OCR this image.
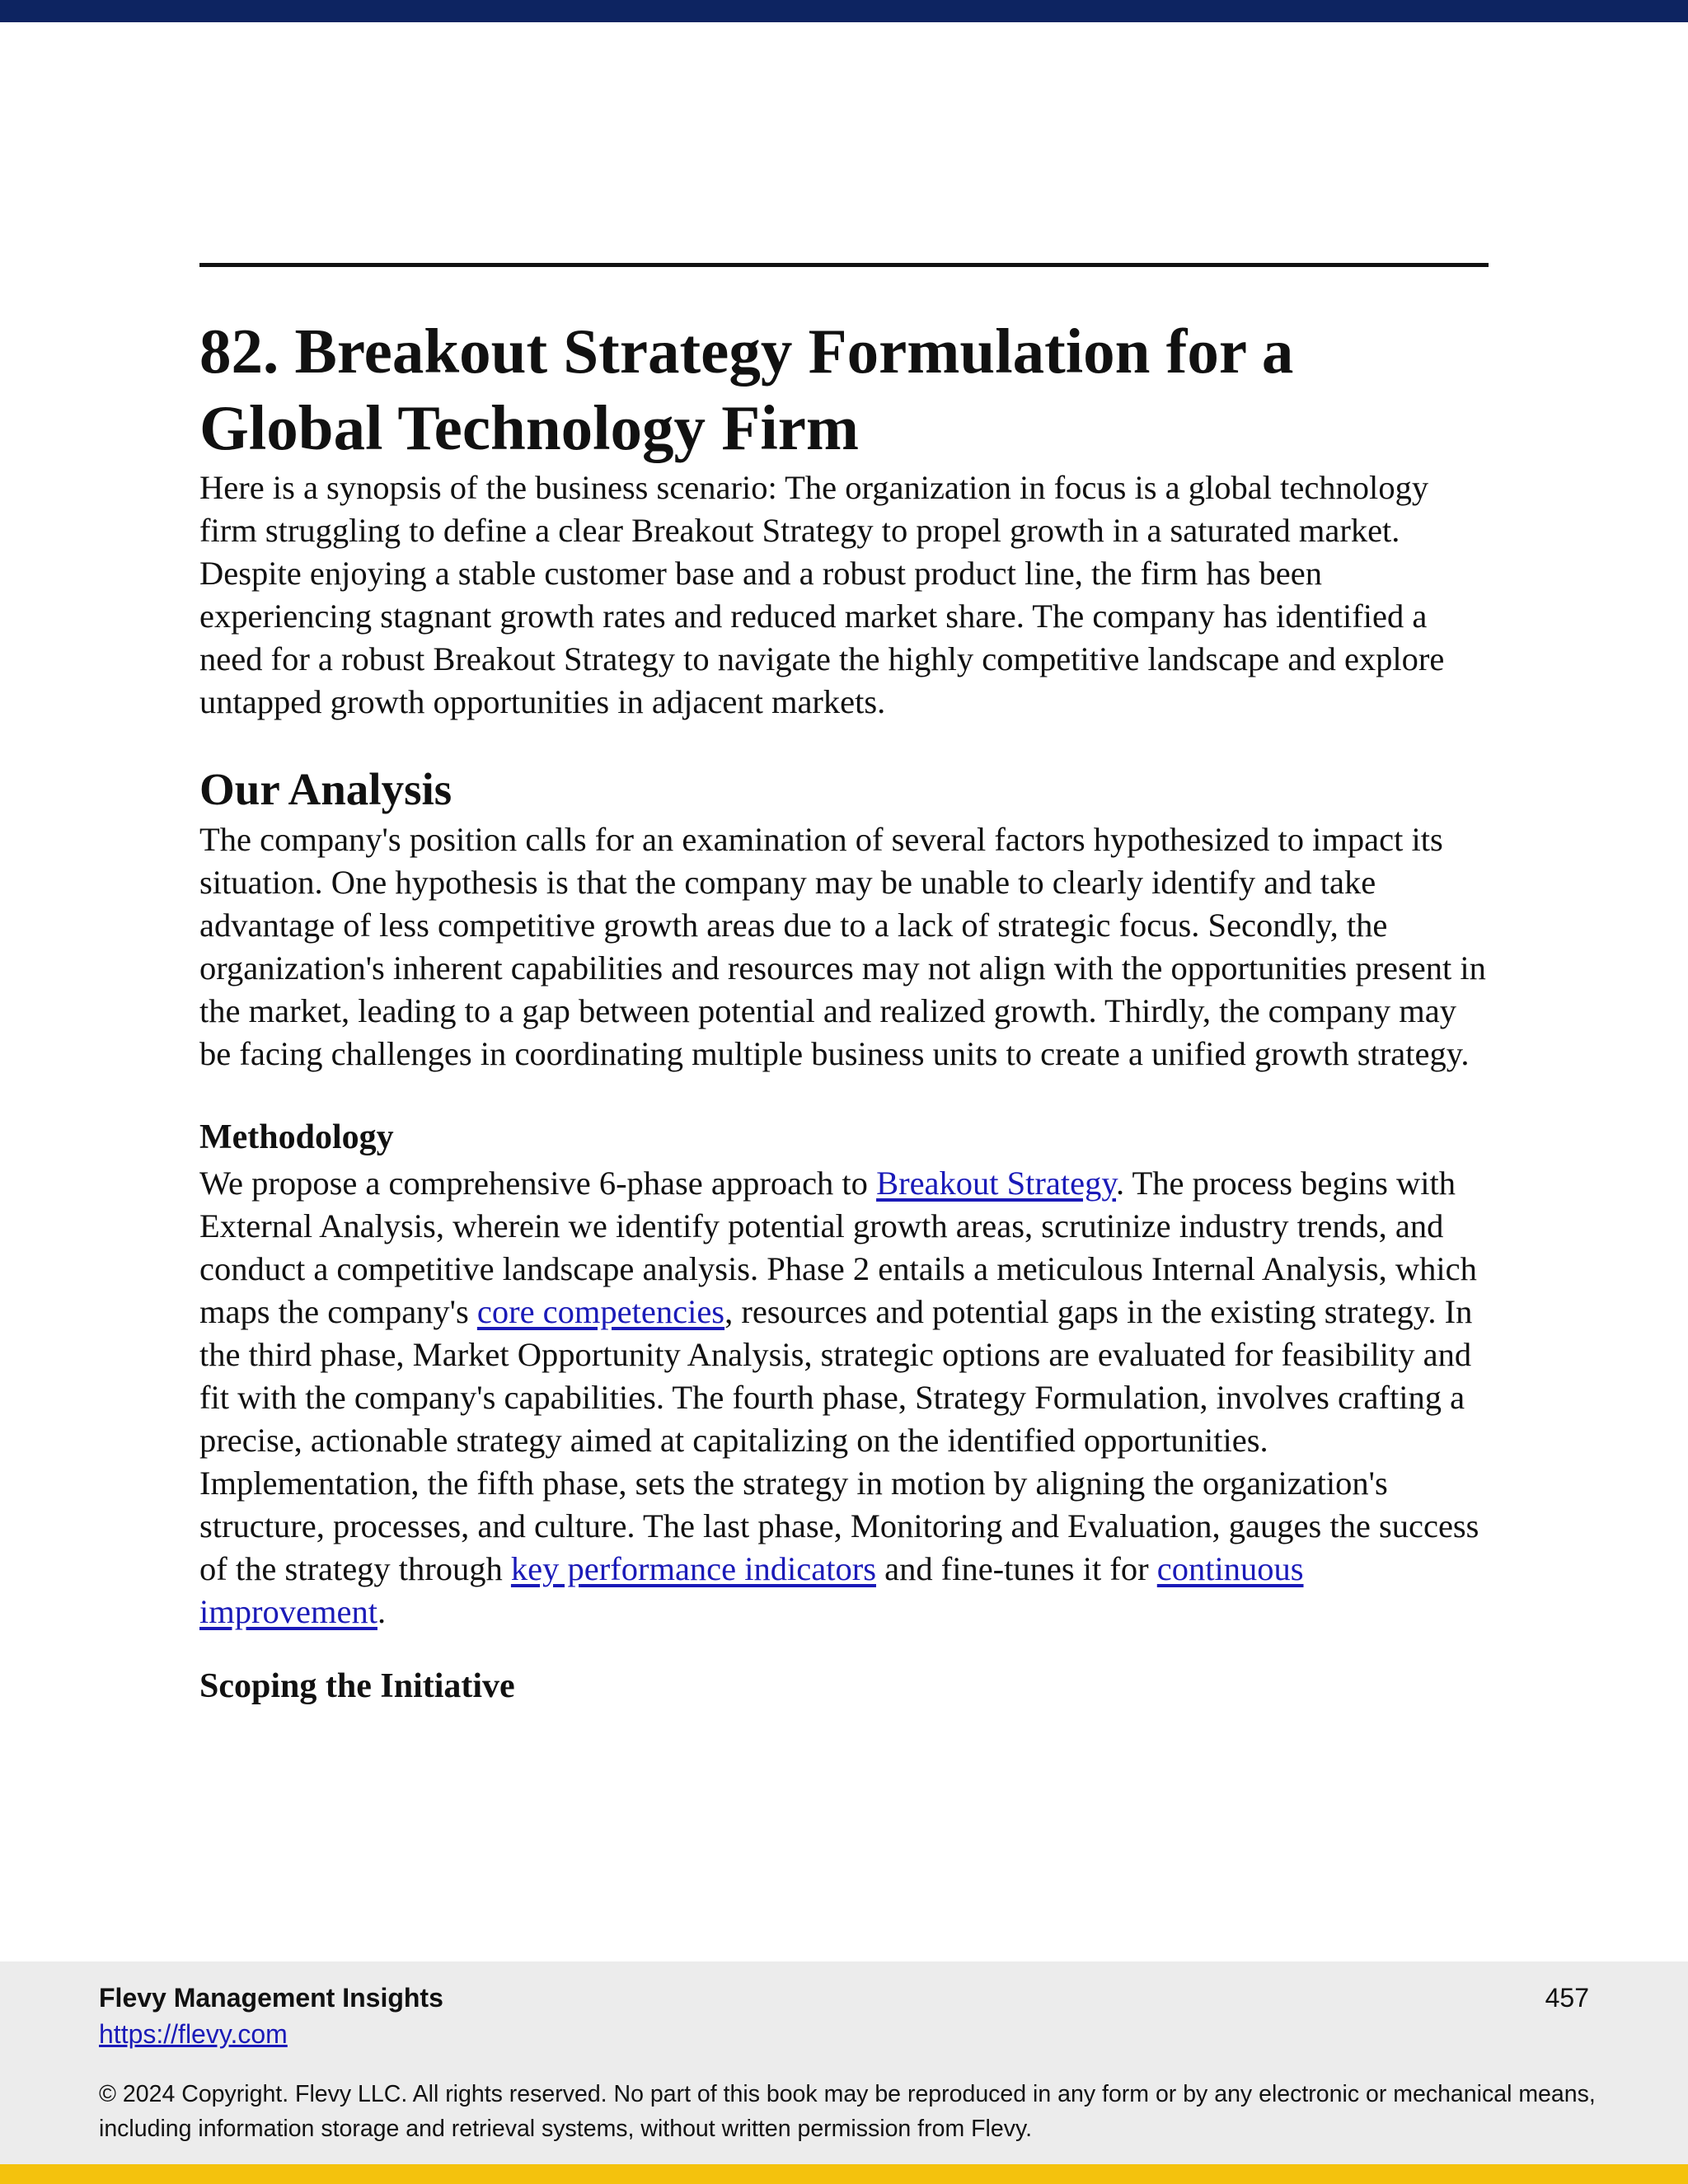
82. Breakout Strategy Formulation for a Global Technology Firm

Here is a synopsis of the business scenario: The organization in focus is a global technology firm struggling to define a clear Breakout Strategy to propel growth in a saturated market. Despite enjoying a stable customer base and a robust product line, the firm has been experiencing stagnant growth rates and reduced market share. The company has identified a need for a robust Breakout Strategy to navigate the highly competitive landscape and explore untapped growth opportunities in adjacent markets.

Our Analysis

The company's position calls for an examination of several factors hypothesized to impact its situation. One hypothesis is that the company may be unable to clearly identify and take advantage of less competitive growth areas due to a lack of strategic focus. Secondly, the organization's inherent capabilities and resources may not align with the opportunities present in the market, leading to a gap between potential and realized growth. Thirdly, the company may be facing challenges in coordinating multiple business units to create a unified growth strategy.

Methodology

We propose a comprehensive 6-phase approach to Breakout Strategy. The process begins with External Analysis, wherein we identify potential growth areas, scrutinize industry trends, and conduct a competitive landscape analysis. Phase 2 entails a meticulous Internal Analysis, which maps the company's core competencies, resources and potential gaps in the existing strategy. In the third phase, Market Opportunity Analysis, strategic options are evaluated for feasibility and fit with the company's capabilities. The fourth phase, Strategy Formulation, involves crafting a precise, actionable strategy aimed at capitalizing on the identified opportunities. Implementation, the fifth phase, sets the strategy in motion by aligning the organization's structure, processes, and culture. The last phase, Monitoring and Evaluation, gauges the success of the strategy through key performance indicators and fine-tunes it for continuous improvement.

Scoping the Initiative
Flevy Management Insights
https://flevy.com
457
© 2024 Copyright. Flevy LLC. All rights reserved. No part of this book may be reproduced in any form or by any electronic or mechanical means, including information storage and retrieval systems, without written permission from Flevy.
